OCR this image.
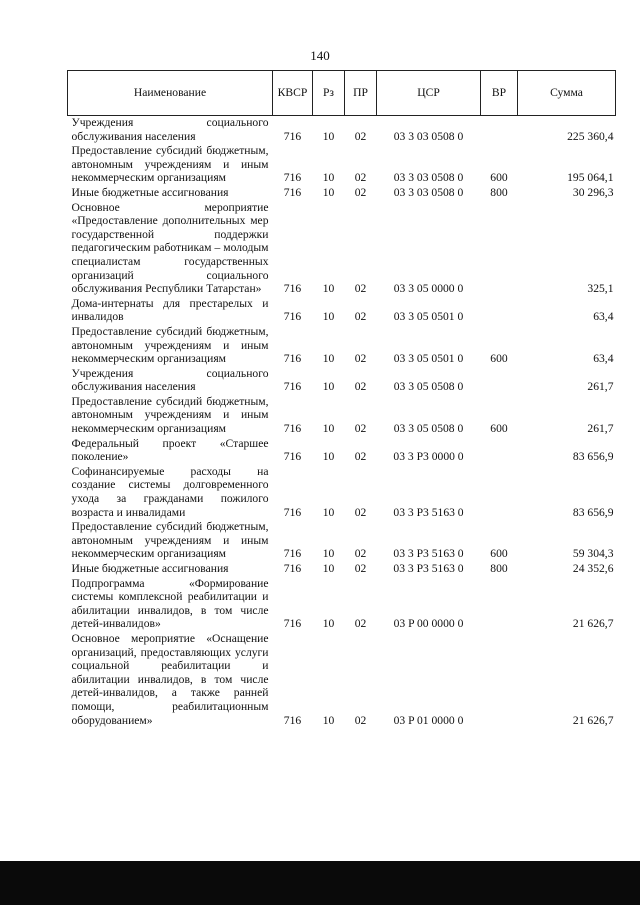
140
Наименование	КВСР	Рз	ПР	ЦСР	ВР	Сумма
Учреждения социального обслуживания населения	716	10	02	03 3 03 0508 0		225 360,4
Предоставление субсидий бюджетным, автономным учреждениям и иным некоммерческим организациям	716	10	02	03 3 03 0508 0	600	195 064,1
Иные бюджетные ассигнования	716	10	02	03 3 03 0508 0	800	30 296,3
Основное мероприятие «Предоставление дополнительных мер государственной поддержки педагогическим работникам – молодым специалистам государственных организаций социального обслуживания Республики Татарстан»	716	10	02	03 3 05 0000 0		325,1
Дома-интернаты для престарелых и инвалидов	716	10	02	03 3 05 0501 0		63,4
Предоставление субсидий бюджетным, автономным учреждениям и иным некоммерческим организациям	716	10	02	03 3 05 0501 0	600	63,4
Учреждения социального обслуживания населения	716	10	02	03 3 05 0508 0		261,7
Предоставление субсидий бюджетным, автономным учреждениям и иным некоммерческим организациям	716	10	02	03 3 05 0508 0	600	261,7
Федеральный проект «Старшее поколение»	716	10	02	03 3 P3 0000 0		83 656,9
Софинансируемые расходы на создание системы долговременного ухода за гражданами пожилого возраста и инвалидами	716	10	02	03 3 P3 5163 0		83 656,9
Предоставление субсидий бюджетным, автономным учреждениям и иным некоммерческим организациям	716	10	02	03 3 P3 5163 0	600	59 304,3
Иные бюджетные ассигнования	716	10	02	03 3 P3 5163 0	800	24 352,6
Подпрограмма «Формирование системы комплексной реабилитации и абилитации инвалидов, в том числе детей-инвалидов»	716	10	02	03 P 00 0000 0		21 626,7
Основное мероприятие «Оснащение организаций, предоставляющих услуги социальной реабилитации и абилитации инвалидов, в том числе детей-инвалидов, а также ранней помощи, реабилитационным оборудованием»	716	10	02	03 P 01 0000 0		21 626,7
